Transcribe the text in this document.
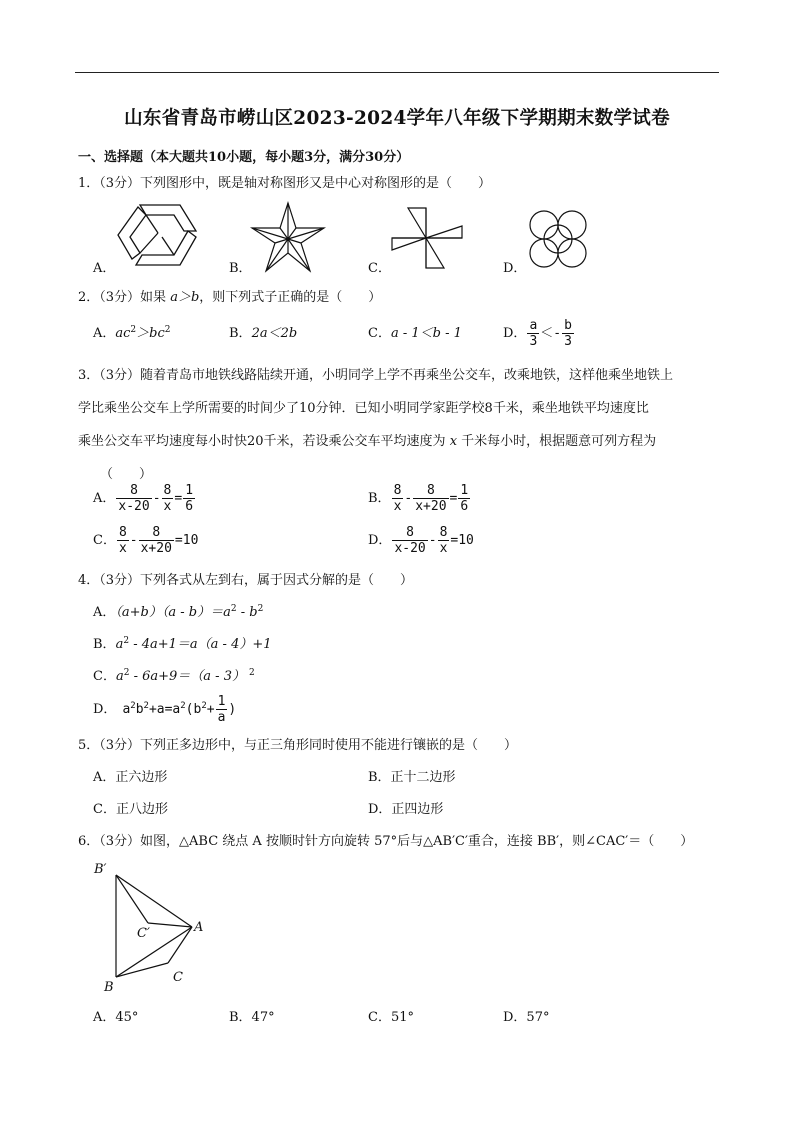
山东省青岛市崂山区2023-2024学年八年级下学期期末数学试卷
一、选择题（本大题共10小题，每小题3分，满分30分）
1．（3分）下列图形中，既是轴对称图形又是中心对称图形的是（　　）
A．	B．	C．	D．
2．（3分）如果 a＞b，则下列式子正确的是（　　）
A．$ac^2>bc^2$	B．2a＜2b	C．a - 1＜b - 1	D． $\frac{a}{3} <- \frac{b}{3}$
3．（3分）随着青岛市地铁线路陆续开通，小明同学上学不再乘坐公交车，改乘地铁，这样他乘坐地铁上
学比乘坐公交车上学所需要的时间少了10分钟．已知小明同学家距学校8千米，乘坐地铁平均速度比
乘坐公交车平均速度每小时快20千米，若设乘公交车平均速度为 x 千米每小时，根据题意可列方程为
（　　）
A． $\frac{8}{x-20} - \frac{8}{x} = \frac{1}{6}$	B． $\frac{8}{x} - \frac{8}{x+20} = \frac{1}{6}$
C． $\frac{8}{x} - \frac{8}{x+20} =10$	D． $\frac{8}{x-20} - \frac{8}{x} =10$
4．（3分）下列各式从左到右，属于因式分解的是（　　）
A．$(a+b)(a - b)=a^2 - b^2$
B．$a^2 - 4a+1=a(a - 4)+1$
C．$a^2 - 6a+9=(a - 3)$ $^2$
D． $a^2b^2+a=a^2(b^2+ \frac{1}{a}$ )
5．（3分）下列正多边形中，与正三角形同时使用不能进行镶嵌的是（　　）
A．正六边形	B．正十二边形
C．正八边形	D．正四边形
6．（3分）如图，△ABC 绕点 A 按顺时针方向旋转 57°后与△AB′C′重合，连接 BB′，则∠CAC′＝（　　）
B′
C′	A
B
C
A．45°	B．47°	C．51°	D．57°
